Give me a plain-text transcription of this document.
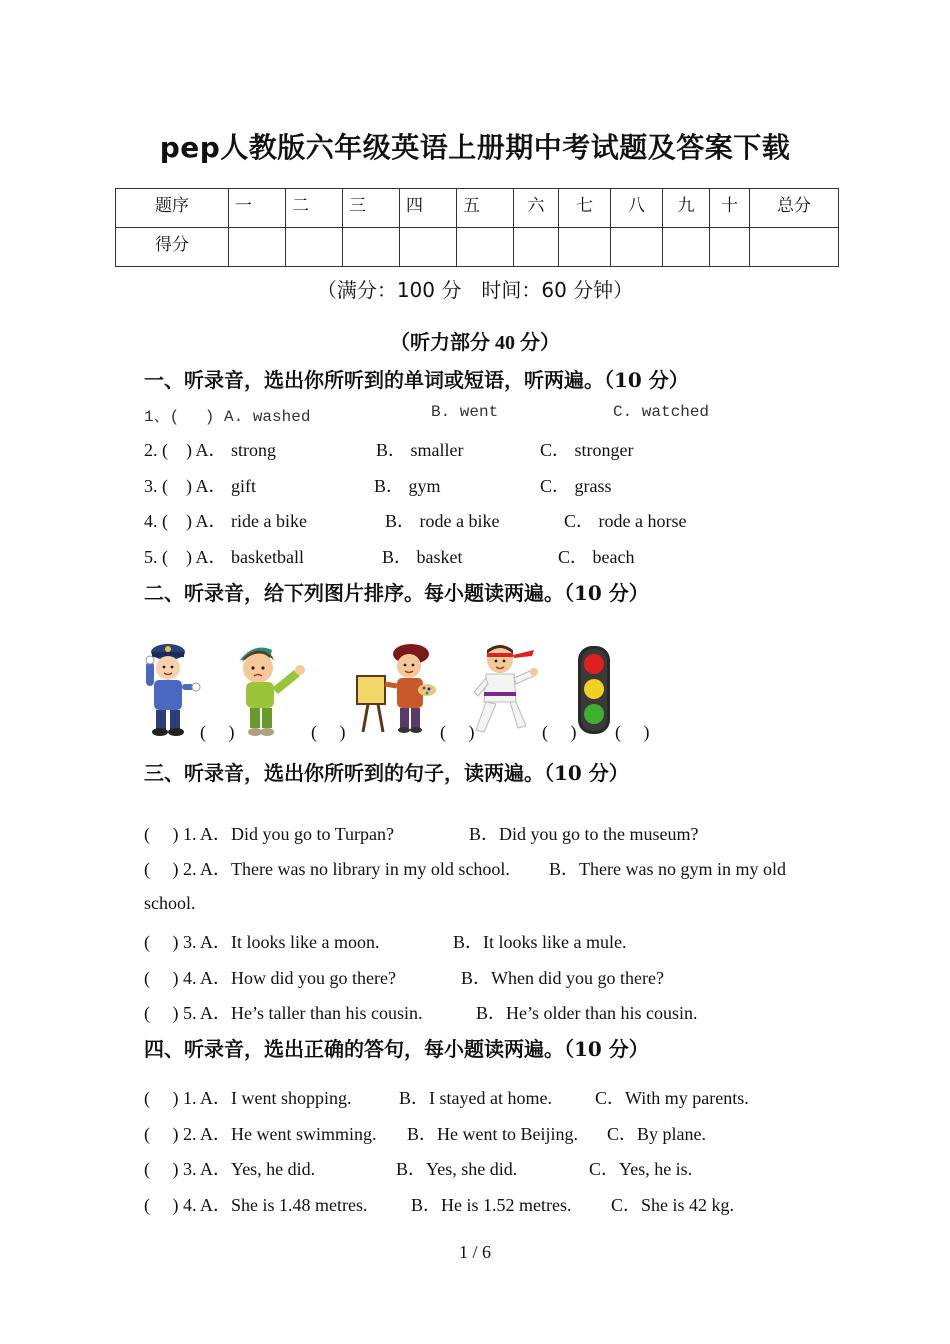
pep人教版六年级英语上册期中考试题及答案下载
题序	一	二	三	四	五	六	七	八	九	十	总分
得分											
（满分：100 分　时间：60 分钟）
（听力部分 40 分）
一、听录音，选出你所听到的单词或短语，听两遍。（10 分）
1、(　 ) A. washed	B. went	C. watched
2. (　) A． strong	B． smaller	C． stronger
3. (　) A． gift	B． gym	C． grass
4. (　) A． ride a bike	B． rode a bike	C． rode a horse
5. (　) A． basketball	B． basket	C． beach
二、听录音，给下列图片排序。每小题读两遍。（10 分）
(　 )	(　 )	(　 )	(　 ) (　 )
三、听录音，选出你所听到的句子，读两遍。（10 分）
(　 ) 1. A．Did you go to Turpan?	B．Did you go to the museum?
(　 ) 2. A．There was no library in my old school. B．There was no gym in my old
school.
(　 ) 3. A．It looks like a moon.	B．It looks like a mule.
(　 ) 4. A．How did you go there?	B．When did you go there?
(　 ) 5. A．He’s taller than his cousin.	B．He’s older than his cousin.
四、听录音，选出正确的答句，每小题读两遍。（10 分）
(　 ) 1. A．I went shopping.	B．I stayed at home. C．With my parents.
(　 ) 2. A．He went swimming. B．He went to Beijing. C．By plane.
(　 ) 3. A．Yes, he did.	B．Yes, she did.	C．Yes, he is.
(　 ) 4. A．She is 1.48 metres. B．He is 1.52 metres. C．She is 42 kg.
1 / 6
